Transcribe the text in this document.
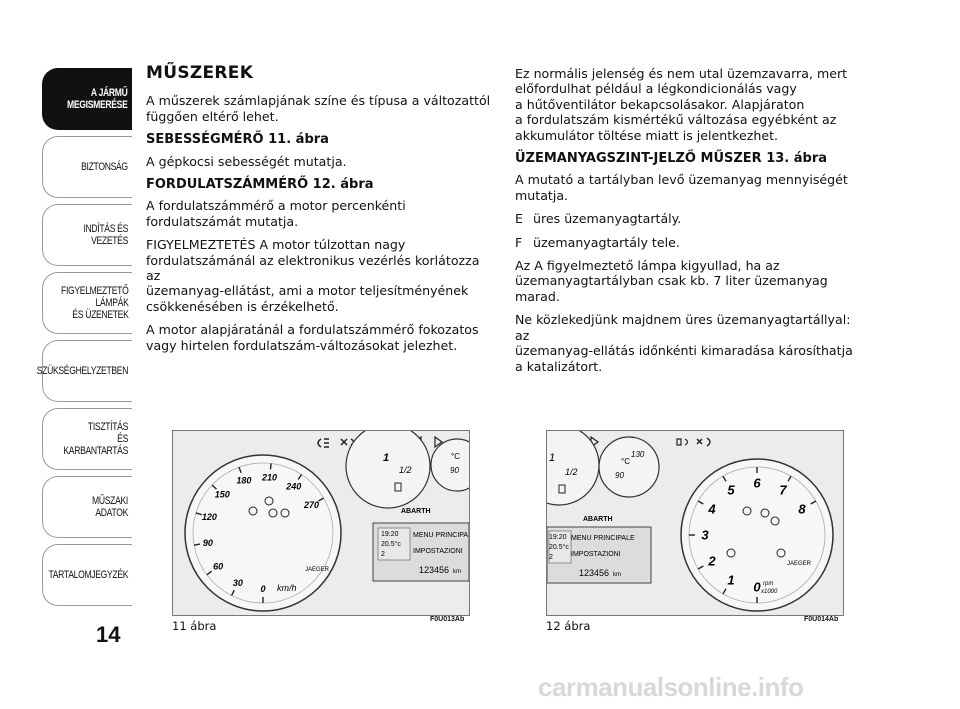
A JÁRMŰ
MEGISMERÉSE
BIZTONSÁG
INDÍTÁS ÉS VEZETÉS
FIGYELMEZTETŐ
LÁMPÁK
ÉS ÜZENETEK
SZÜKSÉGHELYZETBEN
TISZTÍTÁS
ÉS KARBANTARTÁS
MŰSZAKI ADATOK
TARTALOMJEGYZÉK
14
MŰSZEREK

A műszerek számlapjának színe és típusa a változattól
függően eltérő lehet.

SEBESSÉGMÉRŐ 11. ábra

A gépkocsi sebességét mutatja.

FORDULATSZÁMMÉRŐ 12. ábra

A fordulatszámmérő a motor percenkénti
fordulatszámát mutatja.

FIGYELMEZTETÉS A motor túlzottan nagy
fordulatszámánál az elektronikus vezérlés korlátozza az
üzemanyag-ellátást, ami a motor teljesítményének
csökkenésében is érzékelhető.

A motor alapjáratánál a fordulatszámmérő fokozatos
vagy hirtelen fordulatszám-változásokat jelezhet.

Ez normális jelenség és nem utal üzemzavarra, mert
előfordulhat például a légkondicionálás vagy
a hűtőventilátor bekapcsolásakor. Alapjáraton
a fordulatszám kismértékű változása egyébként az
akkumulátor töltése miatt is jelentkezhet.

ÜZEMANYAGSZINT-JELZŐ MŰSZER 13. ábra

A mutató a tartályban levő üzemanyag mennyiségét
mutatja.

E üres üzemanyagtartály.
F üzemanyagtartály tele.

Az A figyelmeztető lámpa kigyullad, ha az
üzemanyagtartályban csak kb. 7 liter üzemanyag marad.

Ne közlekedjünk majdnem üres üzemanyagtartállyal: az
üzemanyag-ellátás időnkénti kimaradása károsíthatja
a katalizátort.

0
30
60
90
120
150
180 210
240
270
km/h
JAEGER
1
1/2
°C
90
ABARTH
19:20
20.5°c
2
MENU PRINCIPA
IMPOSTAZIONI
123456 km
11 ábra	F0U013Ab
1
1/2
°C
90
130
ABARTH
19:20
20.5°c
2
MENU PRINCIPALE
IMPOSTAZIONI
123456 km
0
1
2
3
4
5 6 7
8
rpm
x1000
JAEGER
12 ábra	F0U014Ab
carmanualsonline.info
